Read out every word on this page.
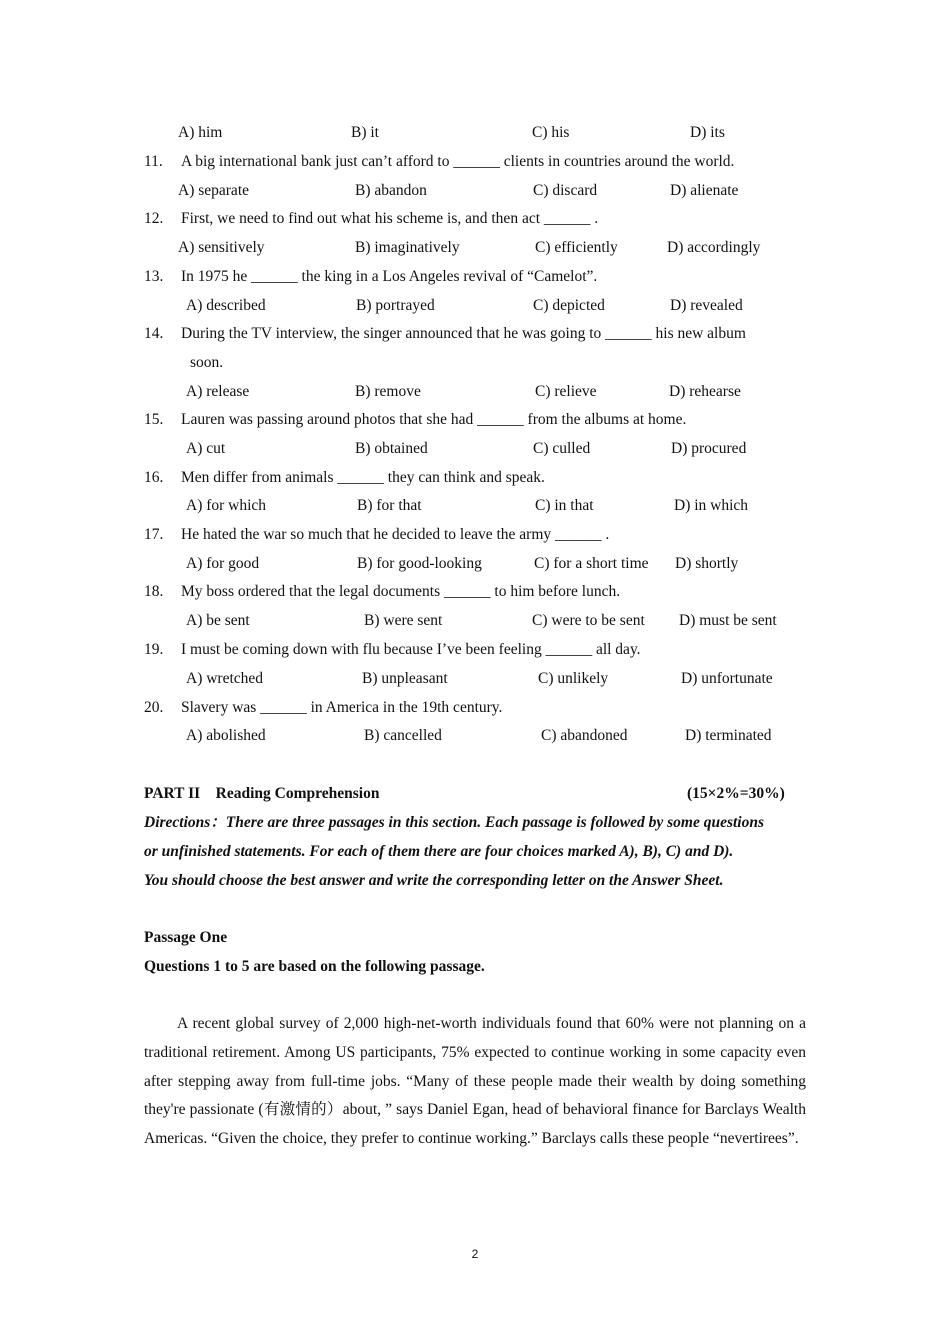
A) him	B) it	C) his	D) its
11. A big international bank just can’t afford to ______ clients in countries around the world.
A) separate	B) abandon	C) discard	D) alienate
12. First, we need to find out what his scheme is, and then act ______ .
A) sensitively	B) imaginatively	C) efficiently	D) accordingly
13. In 1975 he ______ the king in a Los Angeles revival of “Camelot”.
A) described	B) portrayed	C) depicted	D) revealed
14. During the TV interview, the singer announced that he was going to ______ his new album
soon.
A) release	B) remove	C) relieve	D) rehearse
15. Lauren was passing around photos that she had ______ from the albums at home.
A) cut	B) obtained	C) culled	D) procured
16. Men differ from animals ______ they can think and speak.
A) for which	B) for that	C) in that	D) in which
17. He hated the war so much that he decided to leave the army ______ .
A) for good	B) for good-looking	C) for a short time D) shortly
18. My boss ordered that the legal documents ______ to him before lunch.
A) be sent	B) were sent	C) were to be sent D) must be sent
19. I must be coming down with flu because I’ve been feeling ______ all day.
A) wretched	B) unpleasant	C) unlikely	D) unfortunate
20. Slavery was ______ in America in the 19th century.
A) abolished	B) cancelled	C) abandoned	D) terminated
PART II    Reading Comprehension	(15×2%=30%)
Directions：There are three passages in this section. Each passage is followed by some questions
or unfinished statements. For each of them there are four choices marked A), B), C) and D).
You should choose the best answer and write the corresponding letter on the Answer Sheet.
Passage One
Questions 1 to 5 are based on the following passage.
A recent global survey of 2,000 high-net-worth individuals found that 60% were not planning on a traditional retirement. Among US participants, 75% expected to continue working in some capacity even after stepping away from full-time jobs. “Many of these people made their wealth by doing something they're passionate (有激情的）about, ” says Daniel Egan, head of behavioral finance for Barclays Wealth Americas. “Given the choice, they prefer to continue working.” Barclays calls these people “nevertirees”.
2
